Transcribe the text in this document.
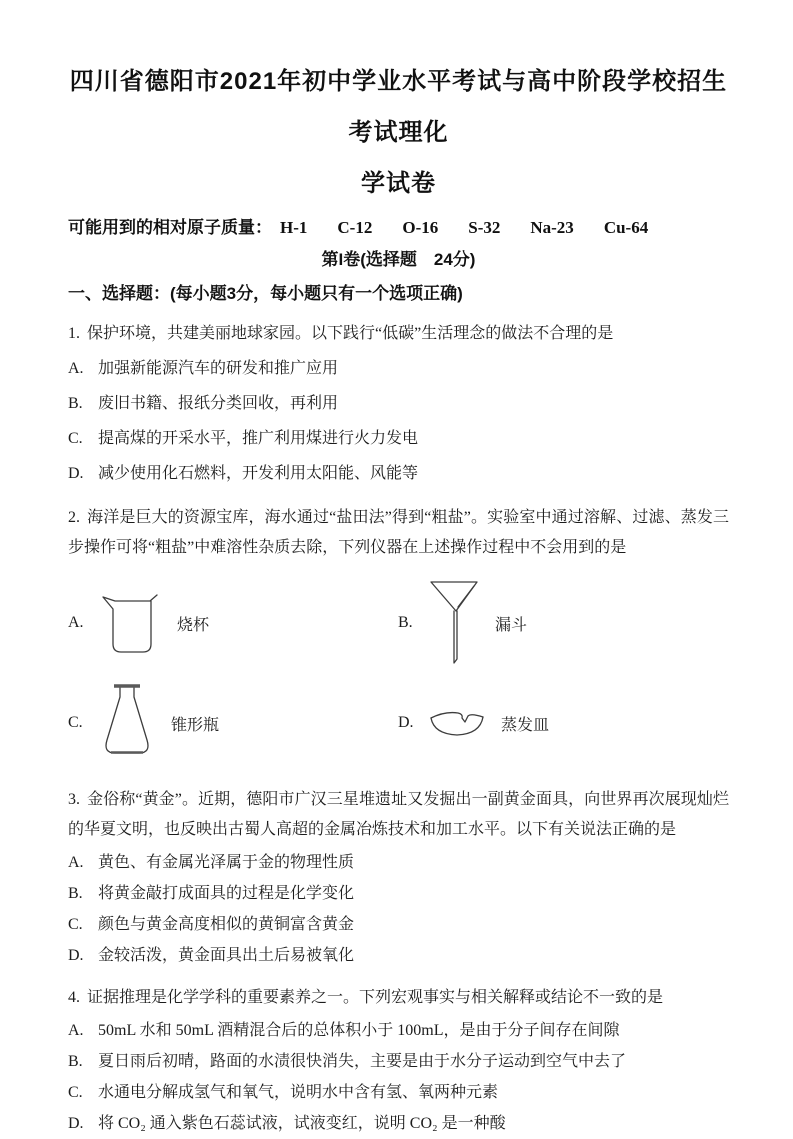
四川省德阳市2021年初中学业水平考试与高中阶段学校招生考试理化
学试卷
可能用到的相对原子质量： H-1 C-12 O-16 S-32 Na-23 Cu-64
第I卷(选择题　24分)
一、选择题：(每小题3分，每小题只有一个选项正确)
1. 保护环境，共建美丽地球家园。以下践行“低碳”生活理念的做法不合理的是
A. 加强新能源汽车的研发和推广应用
B. 废旧书籍、报纸分类回收，再利用
C. 提高煤的开采水平，推广利用煤进行火力发电
D. 减少使用化石燃料，开发利用太阳能、风能等
2. 海洋是巨大的资源宝库，海水通过“盐田法”得到“粗盐”。实验室中通过溶解、过滤、蒸发三步操作可将“粗盐”中难溶性杂质去除，下列仪器在上述操作过程中不会用到的是
A.	烧杯	B.	漏斗
C.	锥形瓶	D.	蒸发皿
3. 金俗称“黄金”。近期，德阳市广汉三星堆遗址又发掘出一副黄金面具，向世界再次展现灿烂的华夏文明，也反映出古蜀人高超的金属冶炼技术和加工水平。以下有关说法正确的是
A. 黄色、有金属光泽属于金的物理性质
B. 将黄金敲打成面具的过程是化学变化
C. 颜色与黄金高度相似的黄铜富含黄金
D. 金较活泼，黄金面具出土后易被氧化
4. 证据推理是化学学科的重要素养之一。下列宏观事实与相关解释或结论不一致的是
A. 50mL 水和 50mL 酒精混合后的总体积小于 100mL，是由于分子间存在间隙
B. 夏日雨后初晴，路面的水渍很快消失，主要是由于水分子运动到空气中去了
C. 水通电分解成氢气和氧气，说明水中含有氢、氧两种元素
D. 将 CO₂ 通入紫色石蕊试液，试液变红，说明 CO₂ 是一种酸
